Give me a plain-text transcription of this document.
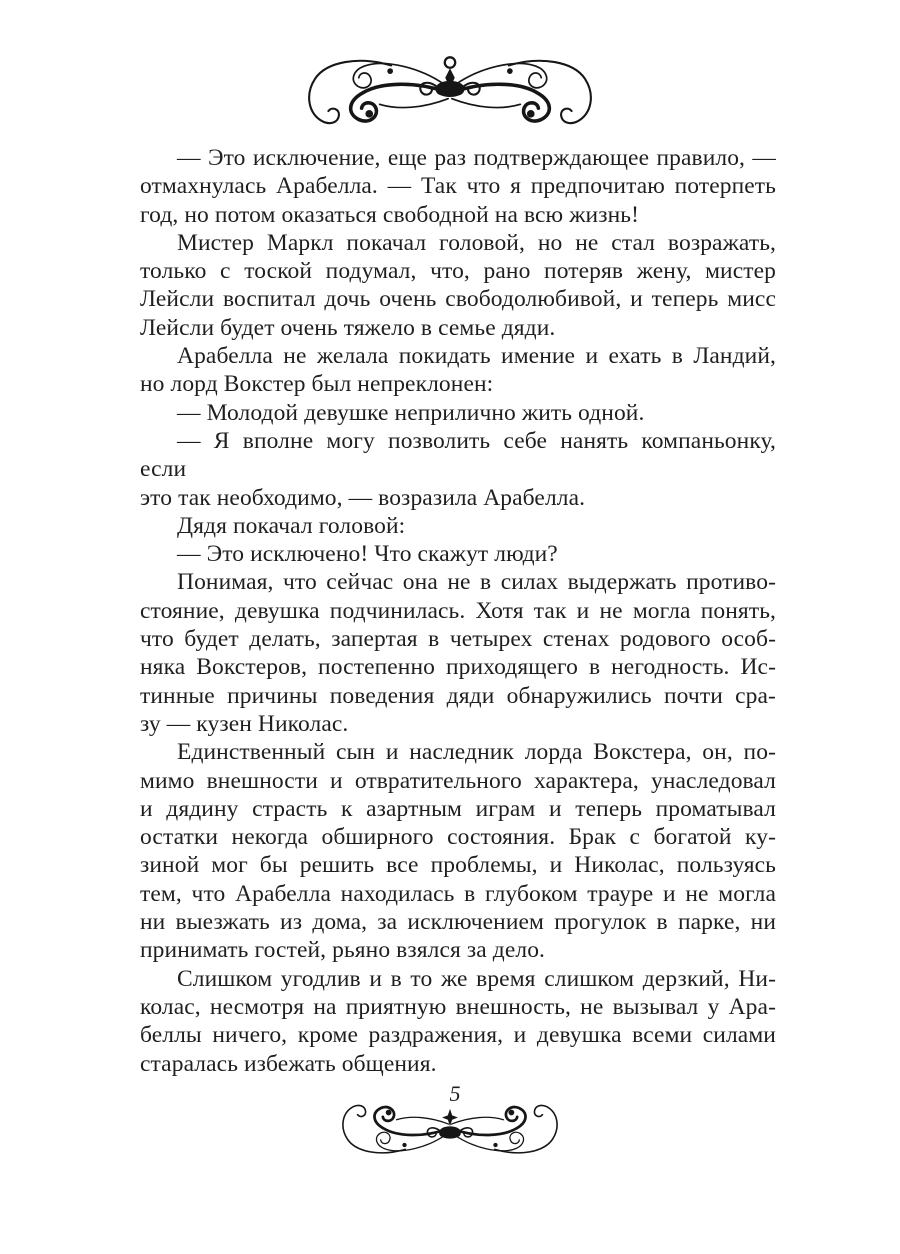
— Это исключение, еще раз подтверждающее правило, —
отмахнулась Арабелла. — Так что я предпочитаю потерпеть
год, но потом оказаться свободной на всю жизнь!
Мистер Маркл покачал головой, но не стал возражать,
только с тоской подумал, что, рано потеряв жену, мистер
Лейсли воспитал дочь очень свободолюбивой, и теперь мисс
Лейсли будет очень тяжело в семье дяди.
Арабелла не желала покидать имение и ехать в Ландий,
но лорд Вокстер был непреклонен:
— Молодой девушке неприлично жить одной.
— Я вполне могу позволить себе нанять компаньонку, если
это так необходимо, — возразила Арабелла.
Дядя покачал головой:
— Это исключено! Что скажут люди?
Понимая, что сейчас она не в силах выдержать противо-
стояние, девушка подчинилась. Хотя так и не могла понять,
что будет делать, запертая в четырех стенах родового особ-
няка Вокстеров, постепенно приходящего в негодность. Ис-
тинные причины поведения дяди обнаружились почти сра-
зу — кузен Николас.
Единственный сын и наследник лорда Вокстера, он, по-
мимо внешности и отвратительного характера, унаследовал
и дядину страсть к азартным играм и теперь проматывал
остатки некогда обширного состояния. Брак с богатой ку-
зиной мог бы решить все проблемы, и Николас, пользуясь
тем, что Арабелла находилась в глубоком трауре и не могла
ни выезжать из дома, за исключением прогулок в парке, ни
принимать гостей, рьяно взялся за дело.
Слишком угодлив и в то же время слишком дерзкий, Ни-
колас, несмотря на приятную внешность, не вызывал у Ара-
беллы ничего, кроме раздражения, и девушка всеми силами
старалась избежать общения.
5
